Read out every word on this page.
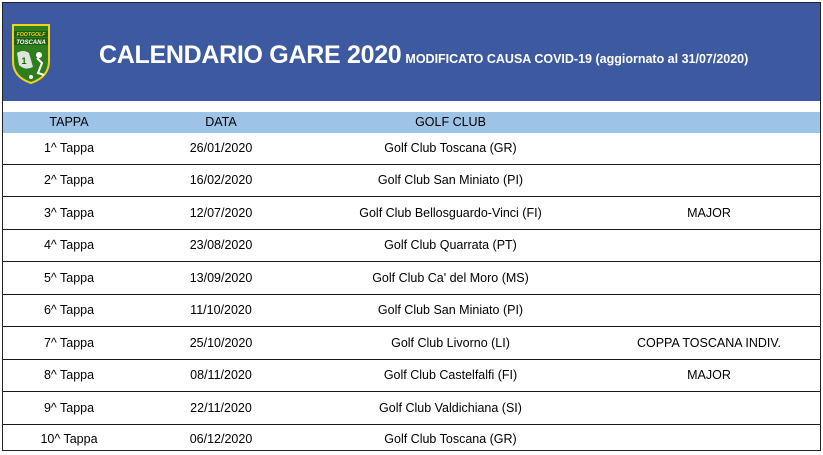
FOOTGOLF
TOSCANA
1	CALENDARIO GARE 2020 MODIFICATO CAUSA COVID-19 (aggiornato al 31/07/2020)
TAPPA	DATA	GOLF CLUB
1^ Tappa	26/01/2020	Golf Club Toscana (GR)
2^ Tappa	16/02/2020	Golf Club San Miniato (PI)
3^ Tappa	12/07/2020	Golf Club Bellosguardo-Vinci (FI)	MAJOR
4^ Tappa	23/08/2020	Golf Club Quarrata (PT)
5^ Tappa	13/09/2020	Golf Club Ca' del Moro (MS)
6^ Tappa	11/10/2020	Golf Club San Miniato (PI)
7^ Tappa	25/10/2020	Golf Club Livorno (LI)	COPPA TOSCANA INDIV.
8^ Tappa	08/11/2020	Golf Club Castelfalfi (FI)	MAJOR
9^ Tappa	22/11/2020	Golf Club Valdichiana (SI)
10^ Tappa	06/12/2020	Golf Club Toscana (GR)
